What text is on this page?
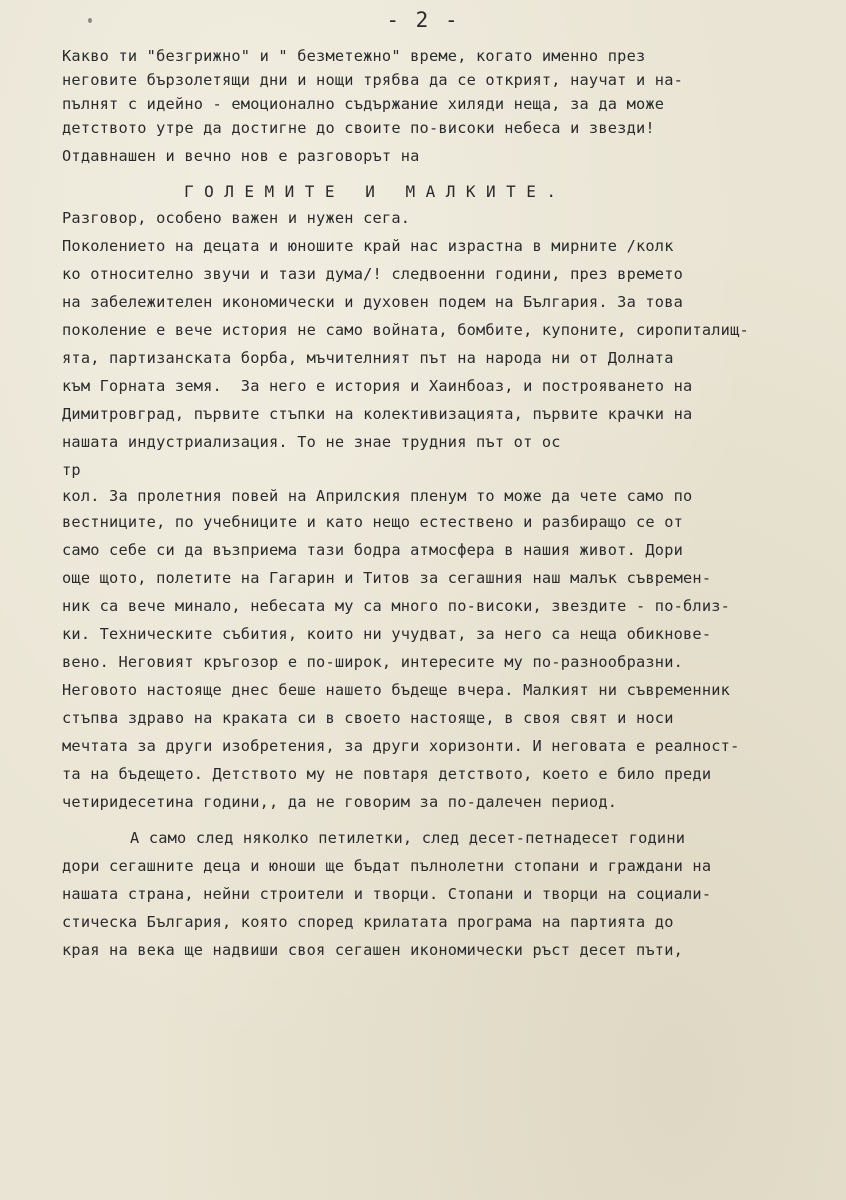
- 2 -
Какво ти "безгрижно" и " безметежно" време, когато именно през
неговите бързолетящи дни и нощи трябва да се открият, научат и на-
пълнят с идейно - емоционално съдържание хиляди неща, за да може
детството утре да достигне до своите по-високи небеса и звезди!
Отдавнашен и вечно нов е разговорът на
ГОЛЕМИТЕ И МАЛКИТЕ.
Разговор, особено важен и нужен сега.
Поколението на децата и юношите край нас израстна в мирните /колк
ко относително звучи и тази дума/! следвоенни години, през времето
на забележителен икономически и духовен подем на България. За това
поколение е вече история не само войната, бомбите, купоните, сиропиталищ-
ята, партизанската борба, мъчителният път на народа ни от Долната
към Горната земя.  За него е история и Хаинбоаз, и построяването на
Димитровград, първите стъпки на колективизацията, първите крачки на
нашата индустриализация. То не знае трудния път от ос
тр
кол. За пролетния повей на Априлския пленум то може да чете само по
вестниците, по учебниците и като нещо естествено и разбиращо се от
само себе си да възприема тази бодра атмосфера в нашия живот. Дори
още щото, полетите на Гагарин и Титов за сегашния наш малък съвремен-
ник са вече минало, небесата му са много по-високи, звездите - по-близ-
ки. Техническите събития, които ни учудват, за него са неща обикнове-
вено. Неговият кръгозор е по-широк, интересите му по-разнообразни.
Неговото настояще днес беше нашето бъдеще вчера. Малкият ни съвременник
стъпва здраво на краката си в своето настояще, в своя свят и носи
мечтата за други изобретения, за други хоризонти. И неговата е реалност-
та на бъдещето. Детството му не повтаря детството, което е било преди
четиридесетина години,, да не говорим за по-далечен период.
А само след няколко петилетки, след десет-петнадесет години
дори сегашните деца и юноши ще бъдат пълнолетни стопани и граждани на
нашата страна, нейни строители и творци. Стопани и творци на социали-
стическа България, която според крилатата програма на партията до
края на века ще надвиши своя сегашен икономически ръст десет пъти,
